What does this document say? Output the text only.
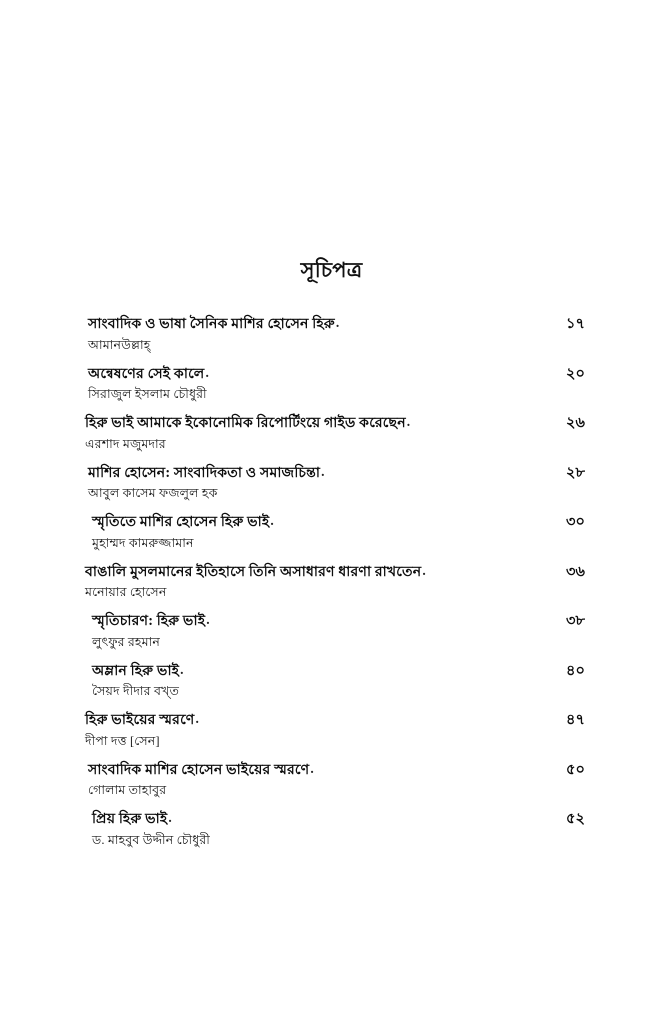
সূচিপত্র
সাংবাদিক ও ভাষা সৈনিক মাশির হোসেন হিরু .	১৭
আমানউল্লাহ্
অন্বেষণের সেই কালে .	২০
সিরাজুল ইসলাম চৌধুরী
হিরু ভাই আমাকে ইকোনোমিক রিপোর্টিংয়ে গাইড করেছেন .	২৬
এরশাদ মজুমদার
মাশির হোসেন: সাংবাদিকতা ও সমাজচিন্তা .	২৮
আবুল কাসেম ফজলুল হক
স্মৃতিতে মাশির হোসেন হিরু ভাই .	৩০
মুহাম্মদ কামরুজ্জামান
বাঙালি মুসলমানের ইতিহাসে তিনি অসাধারণ ধারণা রাখতেন .	৩৬
মনোয়ার হোসেন
স্মৃতিচারণ: হিরু ভাই .	৩৮
লুৎফুর রহমান
অম্লান হিরু ভাই .	৪০
সৈয়দ দীদার বখ্‌ত
হিরু ভাইয়ের স্মরণে .	৪৭
দীপা দত্ত [সেন]
সাংবাদিক মাশির হোসেন ভাইয়ের স্মরণে .	৫০
গোলাম তাহাবুর
প্রিয় হিরু ভাই .	৫২
ড. মাহবুব উদ্দীন চৌধুরী
